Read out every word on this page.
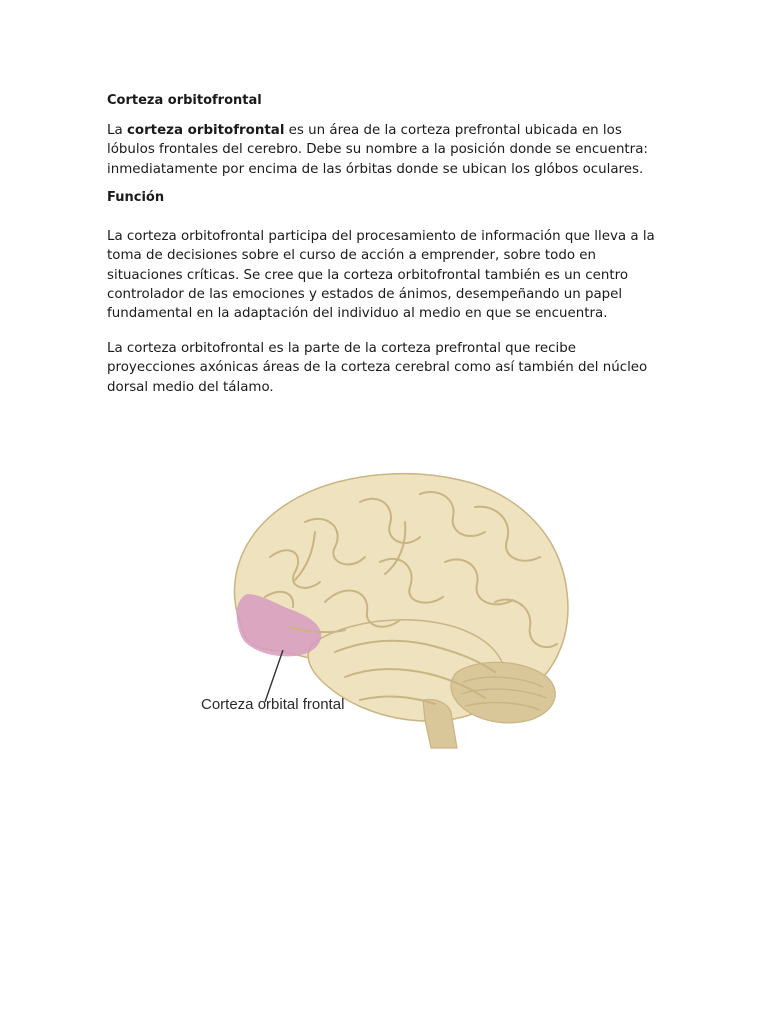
Corteza orbitofrontal

La corteza orbitofrontal es un área de la corteza prefrontal ubicada en los lóbulos frontales del cerebro. Debe su nombre a la posición donde se encuentra: inmediatamente por encima de las órbitas donde se ubican los glóbos oculares.

Función

La corteza orbitofrontal participa del procesamiento de información que lleva a la toma de decisiones sobre el curso de acción a emprender, sobre todo en situaciones críticas. Se cree que la corteza orbitofrontal también es un centro controlador de las emociones y estados de ánimos, desempeñando un papel fundamental en la adaptación del individuo al medio en que se encuentra.

La corteza orbitofrontal es la parte de la corteza prefrontal que recibe proyecciones axónicas áreas de la corteza cerebral como así también del núcleo dorsal medio del tálamo.

Corteza orbital frontal
